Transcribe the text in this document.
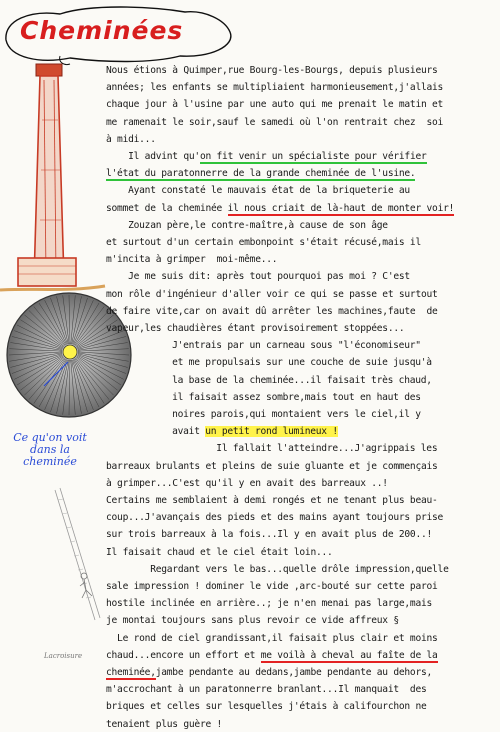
Cheminées
Ce qu'on voit
dans la
cheminée
Lacroisure
Nous étions à Quimper,rue Bourg-les-Bourgs, depuis plusieurs
années; les enfants se multipliaient harmonieusement,j'allais
chaque jour à l'usine par une auto qui me prenait le matin et
me ramenait le soir,sauf le samedi où l'on rentrait chez  soi
à midi...
Il advint qu'on fit venir un spécialiste pour vérifier
l'état du paratonnerre de la grande cheminée de l'usine.
Ayant constaté le mauvais état de la briqueterie au
sommet de la cheminée il nous criait de là-haut de monter voir!
Zouzan père,le contre-maître,à cause de son âge
et surtout d'un certain embonpoint s'était récusé,mais il
m'incita à grimper  moi-même...
Je me suis dit: après tout pourquoi pas moi ? C'est
mon rôle d'ingénieur d'aller voir ce qui se passe et surtout
de faire vite,car on avait dû arrêter les machines,faute  de
vapeur,les chaudières étant provisoirement stoppées...
J'entrais par un carneau sous "l'économiseur"
et me propulsais sur une couche de suie jusqu'à
la base de la cheminée...il faisait très chaud,
il faisait assez sombre,mais tout en haut des
noires parois,qui montaient vers le ciel,il y
avait un petit rond lumineux !
Il fallait l'atteindre...J'agrippais les
barreaux brulants et pleins de suie gluante et je commençais
à grimper...C'est qu'il y en avait des barreaux ..!
Certains me semblaient à demi rongés et ne tenant plus beau-
coup...J'avançais des pieds et des mains ayant toujours prise
sur trois barreaux à la fois...Il y en avait plus de 200..!
Il faisait chaud et le ciel était loin...
Regardant vers le bas...quelle drôle impression,quelle
sale impression ! dominer le vide ,arc-bouté sur cette paroi
hostile inclinée en arrière..; je n'en menai pas large,mais
je montai toujours sans plus revoir ce vide affreux §
Le rond de ciel grandissant,il faisait plus clair et moins
chaud...encore un effort et me voilà à cheval au faîte de la
cheminée,jambe pendante au dedans,jambe pendante au dehors,
m'accrochant à un paratonnerre branlant...Il manquait  des
briques et celles sur lesquelles j'étais à califourchon ne
tenaient plus guère !
